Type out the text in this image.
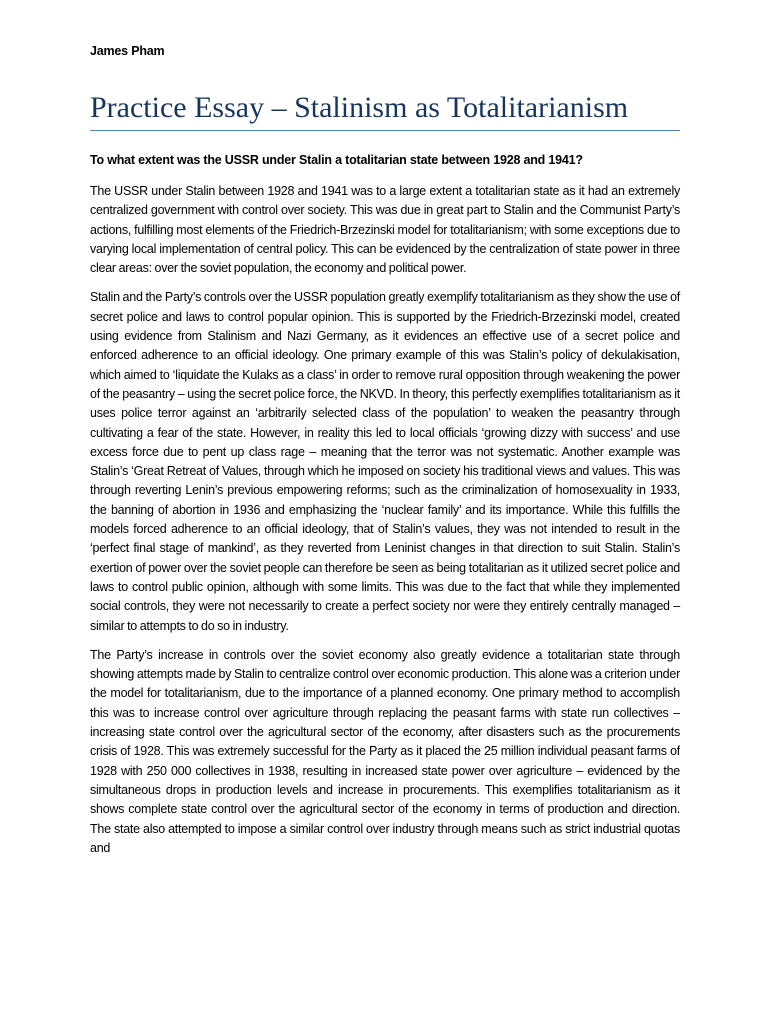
James Pham
Practice Essay – Stalinism as Totalitarianism
To what extent was the USSR under Stalin a totalitarian state between 1928 and 1941?

The USSR under Stalin between 1928 and 1941 was to a large extent a totalitarian state as it had an extremely centralized government with control over society. This was due in great part to Stalin and the Communist Party’s actions, fulfilling most elements of the Friedrich-Brzezinski model for totalitarianism; with some exceptions due to varying local implementation of central policy. This can be evidenced by the centralization of state power in three clear areas: over the soviet population, the economy and political power.

Stalin and the Party’s controls over the USSR population greatly exemplify totalitarianism as they show the use of secret police and laws to control popular opinion. This is supported by the Friedrich-Brzezinski model, created using evidence from Stalinism and Nazi Germany, as it evidences an effective use of a secret police and enforced adherence to an official ideology. One primary example of this was Stalin’s policy of dekulakisation, which aimed to ‘liquidate the Kulaks as a class’ in order to remove rural opposition through weakening the power of the peasantry – using the secret police force, the NKVD. In theory, this perfectly exemplifies totalitarianism as it uses police terror against an ‘arbitrarily selected class of the population’ to weaken the peasantry through cultivating a fear of the state. However, in reality this led to local officials ‘growing dizzy with success’ and use excess force due to pent up class rage – meaning that the terror was not systematic. Another example was Stalin’s ‘Great Retreat of Values, through which he imposed on society his traditional views and values. This was through reverting Lenin’s previous empowering reforms; such as the criminalization of homosexuality in 1933, the banning of abortion in 1936 and emphasizing the ‘nuclear family’ and its importance. While this fulfills the models forced adherence to an official ideology, that of Stalin’s values, they was not intended to result in the ‘perfect final stage of mankind’, as they reverted from Leninist changes in that direction to suit Stalin. Stalin’s exertion of power over the soviet people can therefore be seen as being totalitarian as it utilized secret police and laws to control public opinion, although with some limits. This was due to the fact that while they implemented social controls, they were not necessarily to create a perfect society nor were they entirely centrally managed – similar to attempts to do so in industry.

The Party’s increase in controls over the soviet economy also greatly evidence a totalitarian state through showing attempts made by Stalin to centralize control over economic production. This alone was a criterion under the model for totalitarianism, due to the importance of a planned economy. One primary method to accomplish this was to increase control over agriculture through replacing the peasant farms with state run collectives – increasing state control over the agricultural sector of the economy, after disasters such as the procurements crisis of 1928. This was extremely successful for the Party as it placed the 25 million individual peasant farms of 1928 with 250 000 collectives in 1938, resulting in increased state power over agriculture – evidenced by the simultaneous drops in production levels and increase in procurements. This exemplifies totalitarianism as it shows complete state control over the agricultural sector of the economy in terms of production and direction. The state also attempted to impose a similar control over industry through means such as strict industrial quotas and
